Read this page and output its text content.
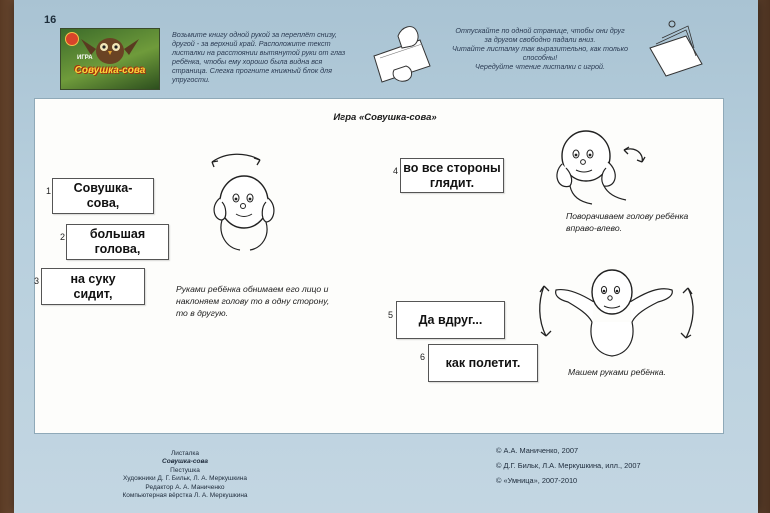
16
ИГРА
Совушка-сова
Возьмите книгу одной рукой за переплёт снизу, другой - за верхний край. Расположите текст листалки на расстоянии вытянутой руки от глаз ребёнка, чтобы ему хорошо была видна вся страница. Слегка прогните книжный блок для упругости.
Отпускайте по одной странице, чтобы они друг за другом свободно падали вниз.
Читайте листалку так выразительно, как только способны!
Чередуйте чтение листалки с игрой.
Игра «Совушка-сова»
1	Совушка-
сова,
2	большая
голова,
3	на суку
сидит,
4 во все стороны
глядит.
5	Да вдруг...
6	как полетит.
Руками ребёнка обнимаем его лицо и наклоняем голову то в одну сторону, то в другую.
Поворачиваем голову ребёнка вправо-влево.
Машем руками ребёнка.
Листалка
Совушка-сова
Пестушка
Художники Д. Г. Бильк, Л. А. Меркушкина
Редактор А. А. Маниченко
Компьютерная вёрстка Л. А. Меркушкина
© А.А. Маниченко, 2007
© Д.Г. Бильк, Л.А. Меркушкина, илл., 2007
© «Умница», 2007-2010
